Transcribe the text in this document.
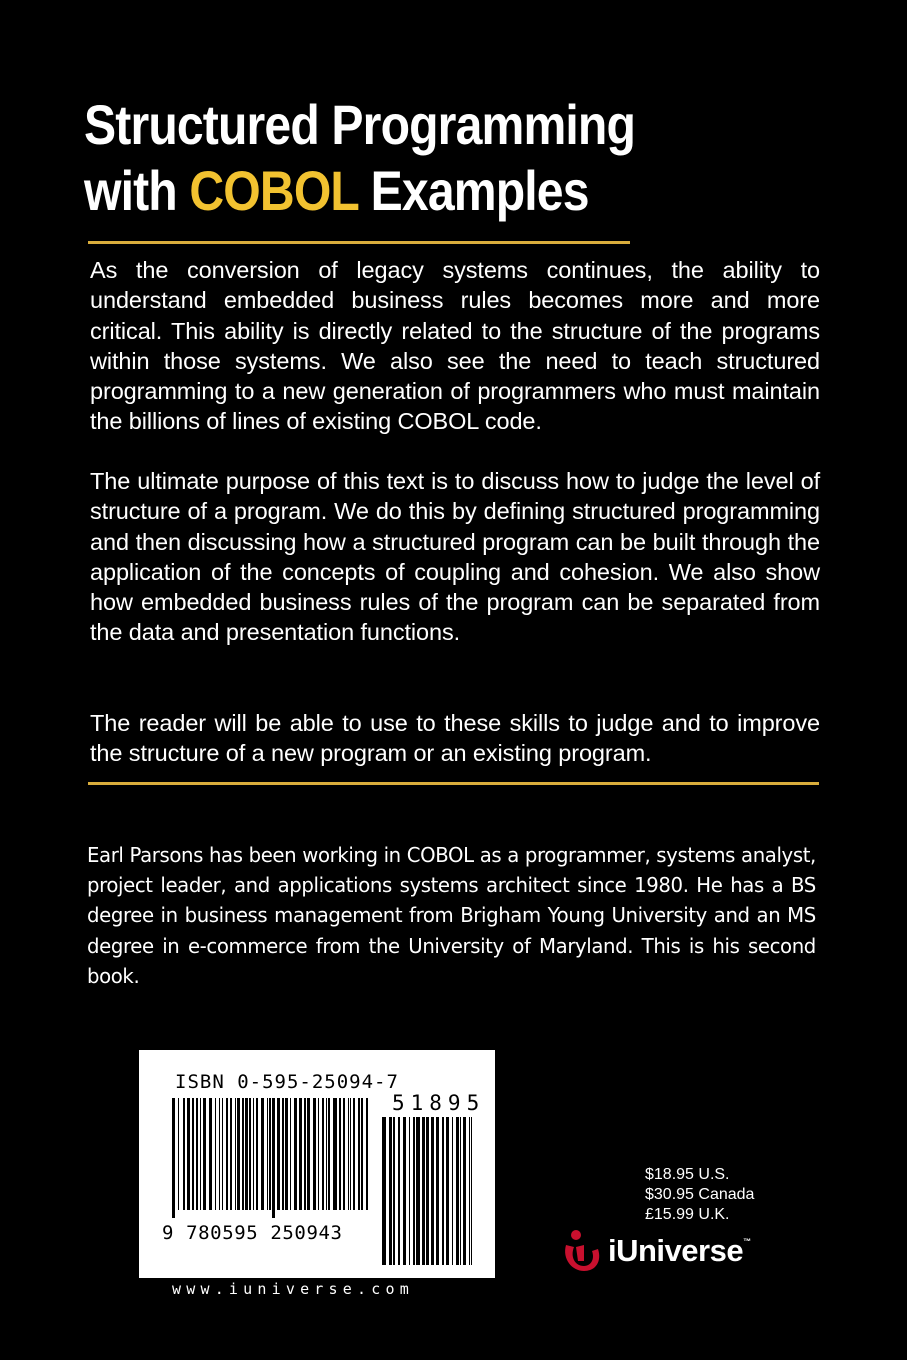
Structured Programming
with COBOL Examples

As the conversion of legacy systems continues, the ability to understand embedded business rules becomes more and more critical. This ability is directly related to the structure of the programs within those systems. We also see the need to teach structured programming to a new generation of programmers who must maintain the billions of lines of existing COBOL code.

The ultimate purpose of this text is to discuss how to judge the level of structure of a program. We do this by defining structured programming and then discussing how a structured program can be built through the application of the concepts of coupling and cohesion. We also show how embedded business rules of the program can be separated from the data and presentation functions.

The reader will be able to use to these skills to judge and to improve the structure of a new program or an existing program.

Earl Parsons has been working in COBOL as a programmer, systems analyst, project leader, and applications systems architect since 1980. He has a BS degree in business management from Brigham Young University and an MS degree in e-commerce from the University of Maryland. This is his second book.

ISBN 0-595-25094-7
51895
9 780595 250943
www.iuniverse.com
$18.95 U.S.
$30.95 Canada
£15.99 U.K.
iUniverse™
